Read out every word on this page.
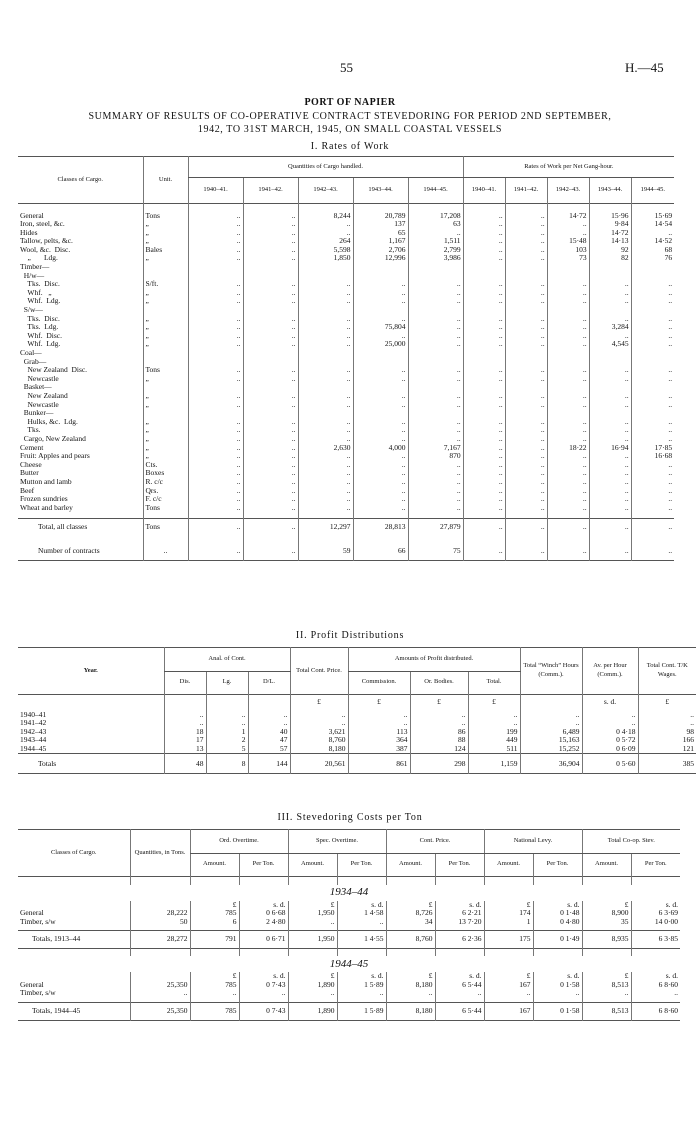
55	H.—45
PORT OF NAPIER
SUMMARY OF RESULTS OF CO-OPERATIVE CONTRACT STEVEDORING FOR PERIOD 2ND SEPTEMBER,
1942, TO 31ST MARCH, 1945, ON SMALL COASTAL VESSELS
I. Rates of Work
Classes of Cargo.	Unit.	Quantities of Cargo handled.					Rates of Work per Net Gang-hour.				
		1940–41.	1941–42.	1942–43.	1943–44.	1944–45.	1940–41.	1941–42.	1942–43.	1943–44.	1944–45.

General	Tons	..	..	8,244	20,789	17,208	..	..	14·72	15·96	15·69
Iron, steel, &c.	„	..	..	..	137	63	..	..	..	9·84	14·54
Hides	„	..	..	..	65	..	..	..	..	14·72	..
Tallow, pelts, &c.	„	..	..	264	1,167	1,511	..	..	15·48	14·13	14·52
Wool, &c.  Disc.	Bales	..	..	5,598	2,706	2,799	..	..	103	92	68
„       Ldg.	„	..	..	1,850	12,996	3,986	..	..	73	82	76
Timber—											
H/w—											
Tks.  Disc.	S/ft.	..	..	..	..	..	..	..	..	..	..
Whf.   „	„	..	..	..	..	..	..	..	..	..	..
Whf.  Ldg.	„	..	..	..	..	..	..	..	..	..	..
S/w—											
Tks.  Disc.	„	..	..	..	..	..	..	..	..	..	..
Tks.  Ldg.	„	..	..	..	75,804	..	..	..	..	3,284	..
Whf.  Disc.	„	..	..	..	..	..	..	..	..	..	..
Whf.  Ldg.	„	..	..	..	25,000	..	..	..	..	4,545	..
Coal—											
Grab—											
New Zealand  Disc.	Tons	..	..	..	..	..	..	..	..	..	..
Newcastle	„	..	..	..	..	..	..	..	..	..	..
Basket—											
New Zealand	„	..	..	..	..	..	..	..	..	..	..
Newcastle	„	..	..	..	..	..	..	..	..	..	..
Bunker—											
Hulks, &c.  Ldg.	„	..	..	..	..	..	..	..	..	..	..
Tks.	„	..	..	..	..	..	..	..	..	..	..
Cargo, New Zealand	„	..	..	..	..	..	..	..	..	..	..
Cement	„	..	..	2,630	4,000	7,167	..	..	18·22	16·94	17·85
Fruit: Apples and pears	„	..	..	..	..	870	..	..	..	..	16·68
Cheese	Cts.	..	..	..	..	..	..	..	..	..	..
Butter	Boxes	..	..	..	..	..	..	..	..	..	..
Mutton and lamb	R. c/c	..	..	..	..	..	..	..	..	..	..
Beef	Qrs.	..	..	..	..	..	..	..	..	..	..
Frozen sundries	F. c/c	..	..	..	..	..	..	..	..	..	..
Wheat and barley	Tons	..	..	..	..	..	..	..	..	..	..

Total, all classes	Tons	..	..	12,297	28,813	27,879	..	..	..	..	..

Number of contracts	..	..	..	59	66	75	..	..	..	..	..
II. Profit Distributions
Year.	Anal. of Cont.			Total Cont. Price.	Amounts of Profit distributed.			Total “Winch” Hours (Comm.).	Av. per Hour (Comm.).	Total Cont. T/K Wages.
	Dis.	Lg.	D/L.		Commission.	Or. Bodies.	Total.			
				£	£	£	£		s. d.	£
1940–41	..	..	..	..	..	..	..	..	..	..
1941–42	..	..	..	..	..	..	..	..	..	..
1942–43	18	1	40	3,621	113	86	199	6,489	0 4·18	98
1943–44	17	2	47	8,760	364	88	449	15,163	0 5·72	166
1944–45	13	5	57	8,180	387	124	511	15,252	0 6·09	121
Totals	48	8	144	20,561	861	298	1,159	36,904	0 5·60	385
III. Stevedoring Costs per Ton
Classes of Cargo.	Quantities, in Tons.	Ord. Overtime.		Spec. Overtime.		Cont. Price.		National Levy.		Total Co-op. Stev.	
		Amount.	Per Ton.	Amount.	Per Ton.	Amount.	Per Ton.	Amount.	Per Ton.	Amount.	Per Ton.

1934–44											
		£	s. d.	£	s. d.	£	s. d.	£	s. d.	£	s. d.
General	28,222	785	0 6·68	1,950	1 4·58	8,726	6 2·21	174	0 1·48	8,900	6 3·69
Timber, s/w	50	6	2 4·80	..	..	34	13 7·20	1	0 4·80	35	14 0·00

Totals, 1913–44	28,272	791	0 6·71	1,950	1 4·55	8,760	6 2·36	175	0 1·49	8,935	6 3·85

1944–45											
		£	s. d.	£	s. d.	£	s. d.	£	s. d.	£	s. d.
General	25,350	785	0 7·43	1,890	1 5·89	8,180	6 5·44	167	0 1·58	8,513	6 8·60
Timber, s/w	..	..	..	..	..	..	..	..	..	..	..

Totals, 1944–45	25,350	785	0 7·43	1,890	1 5·89	8,180	6 5·44	167	0 1·58	8,513	6 8·60
